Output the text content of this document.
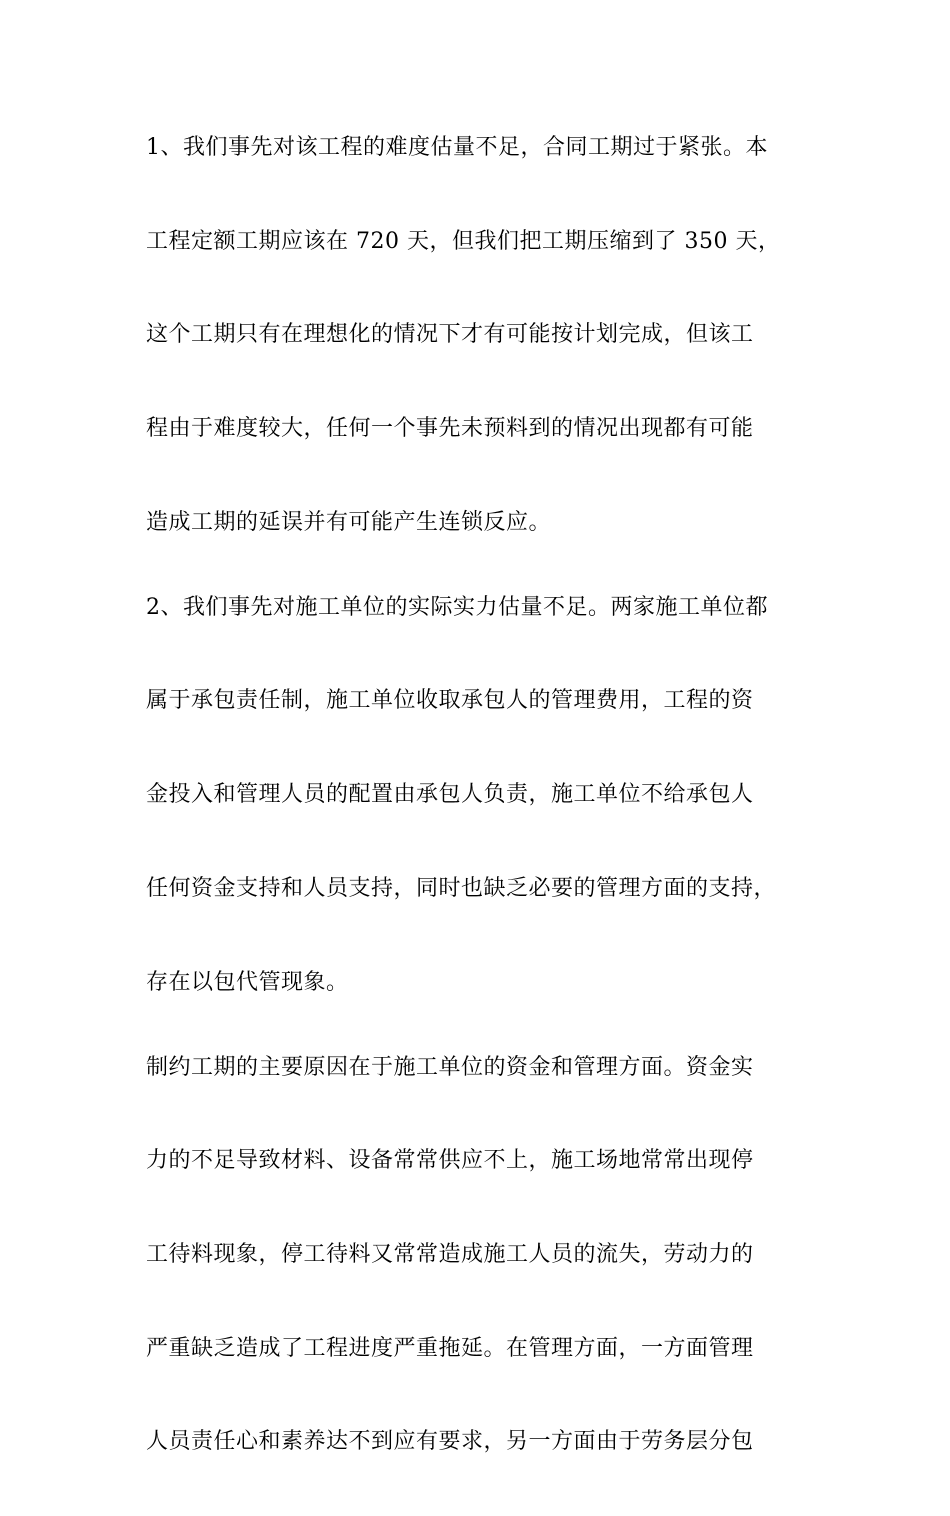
1、我们事先对该工程的难度估量不足，合同工期过于紧张。本
工程定额工期应该在 720 天，但我们把工期压缩到了 350 天，
这个工期只有在理想化的情况下才有可能按计划完成，但该工
程由于难度较大，任何一个事先未预料到的情况出现都有可能
造成工期的延误并有可能产生连锁反应。
2、我们事先对施工单位的实际实力估量不足。两家施工单位都
属于承包责任制，施工单位收取承包人的管理费用，工程的资
金投入和管理人员的配置由承包人负责，施工单位不给承包人
任何资金支持和人员支持，同时也缺乏必要的管理方面的支持，
存在以包代管现象。
制约工期的主要原因在于施工单位的资金和管理方面。资金实
力的不足导致材料、设备常常供应不上，施工场地常常出现停
工待料现象，停工待料又常常造成施工人员的流失，劳动力的
严重缺乏造成了工程进度严重拖延。在管理方面，一方面管理
人员责任心和素养达不到应有要求，另一方面由于劳务层分包
